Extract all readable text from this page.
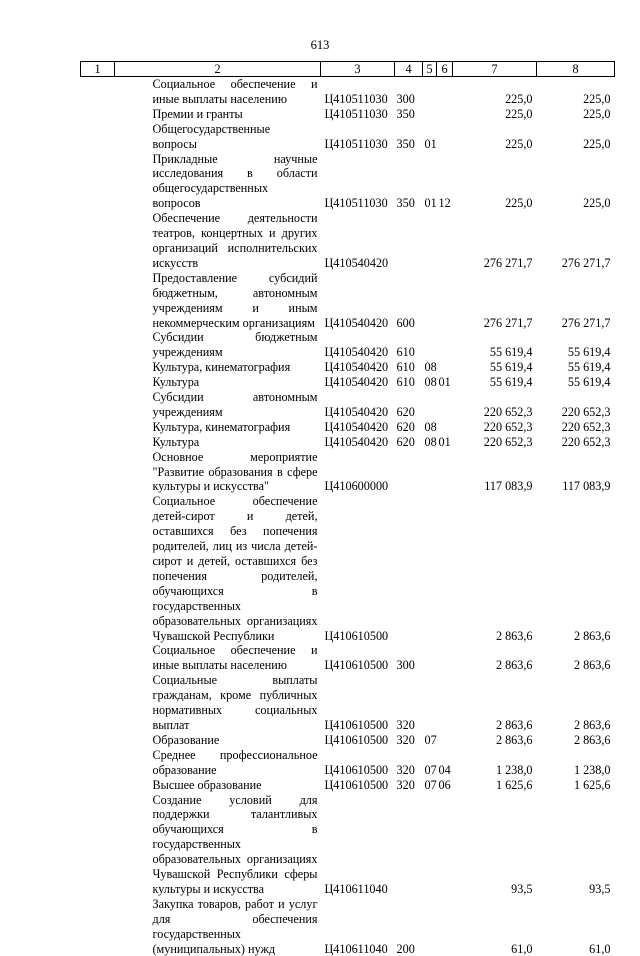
613
1	2	3	4	5	6	7	8
	Социальное обеспечение и иные выплаты населению	Ц410511030	300			225,0	225,0
	Премии и гранты	Ц410511030	350			225,0	225,0
	Общегосударственные вопросы	Ц410511030	350	01		225,0	225,0
	Прикладные научные исследования в области общегосударственных вопросов	Ц410511030	350	01	12	225,0	225,0
	Обеспечение деятельности театров, концертных и других организаций исполнительских искусств	Ц410540420				276 271,7	276 271,7
	Предоставление субсидий бюджетным, автономным учреждениям и иным некоммерческим организациям	Ц410540420	600			276 271,7	276 271,7
	Субсидии бюджетным учреждениям	Ц410540420	610			55 619,4	55 619,4
	Культура, кинематография	Ц410540420	610	08		55 619,4	55 619,4
	Культура	Ц410540420	610	08	01	55 619,4	55 619,4
	Субсидии автономным учреждениям	Ц410540420	620			220 652,3	220 652,3
	Культура, кинематография	Ц410540420	620	08		220 652,3	220 652,3
	Культура	Ц410540420	620	08	01	220 652,3	220 652,3
	Основное мероприятие "Развитие образования в сфере культуры и искусства"	Ц410600000				117 083,9	117 083,9
	Социальное обеспечение детей-сирот и детей, оставшихся без попечения родителей, лиц из числа детей-сирот и детей, оставшихся без попечения родителей, обучающихся в государственных образовательных организациях Чувашской Республики	Ц410610500				2 863,6	2 863,6
	Социальное обеспечение и иные выплаты населению	Ц410610500	300			2 863,6	2 863,6
	Социальные выплаты гражданам, кроме публичных нормативных социальных выплат	Ц410610500	320			2 863,6	2 863,6
	Образование	Ц410610500	320	07		2 863,6	2 863,6
	Среднее профессиональное образование	Ц410610500	320	07	04	1 238,0	1 238,0
	Высшее образование	Ц410610500	320	07	06	1 625,6	1 625,6
	Создание условий для поддержки талантливых обучающихся в государственных образовательных организациях Чувашской Республики сферы культуры и искусства	Ц410611040				93,5	93,5
	Закупка товаров, работ и услуг для обеспечения государственных (муниципальных) нужд	Ц410611040	200			61,0	61,0
